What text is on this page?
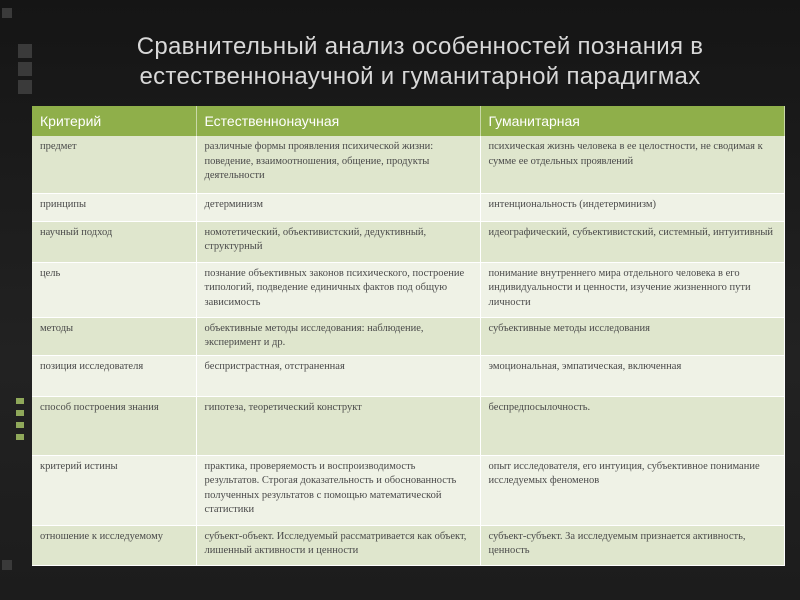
Сравнительный анализ особенностей познания в
естественнонаучной и гуманитарной парадигмах
Критерий	Естественнонаучная	Гуманитарная
предмет	различные формы проявления психической жизни: поведение, взаимоотношения, общение, продукты деятельности	психическая жизнь человека в ее целостности, не сводимая к сумме ее отдельных проявлений
принципы	детерминизм	интенциональность (индетерминизм)
научный подход	номотетический, объективистский, дедуктивный, структурный	идеографический, субъективистский, системный, интуитивный
цель	познание объективных законов психического, построение типологий, подведение единичных фактов под общую зависимость	понимание внутреннего мира отдельного человека в его индивидуальности и ценности, изучение жизненного пути личности
методы	объективные методы исследования: наблюдение, эксперимент и др.	субъективные методы исследования
позиция исследователя	беспристрастная, отстраненная	эмоциональная, эмпатическая, включенная
способ построения знания	гипотеза, теоретический конструкт	беспредпосылочность.
критерий истины	практика, проверяемость и воспроизводимость результатов. Строгая доказательность и обоснованность полученных результатов с помощью математической статистики	опыт исследователя, его интуиция, субъективное понимание исследуемых феноменов
отношение к исследуемому	субъект-объект. Исследуемый рассматривается как объект, лишенный активности и ценности	субъект-субъект. За исследуемым признается активность, ценность
